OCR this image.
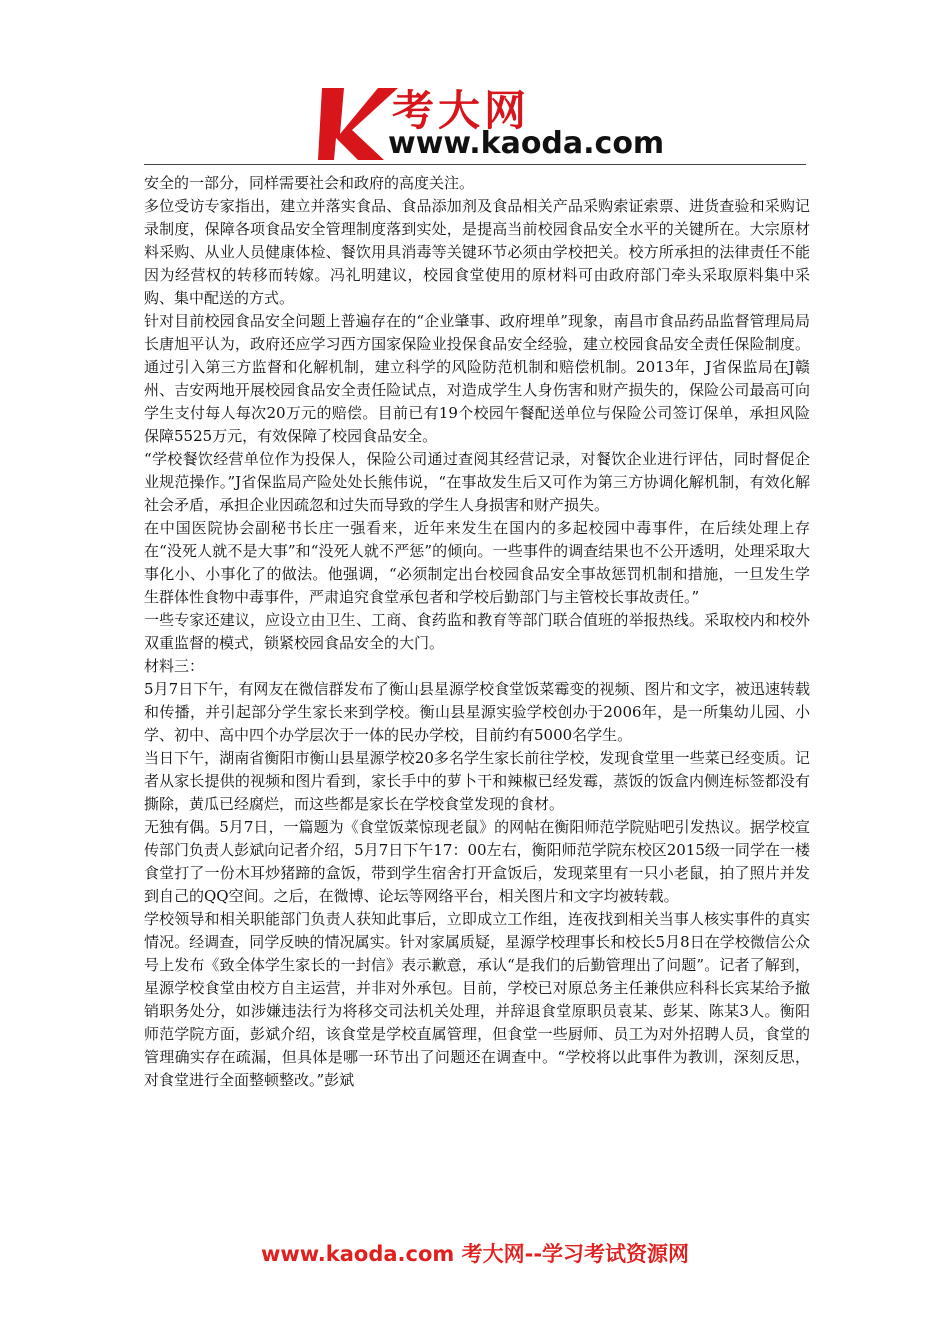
考大网
www.kaoda.com

安全的一部分，同样需要社会和政府的高度关注。

多位受访专家指出，建立并落实食品、食品添加剂及食品相关产品采购索证索票、进货查验和采购记录制度，保障各项食品安全管理制度落到实处，是提高当前校园食品安全水平的关键所在。大宗原材料采购、从业人员健康体检、餐饮用具消毒等关键环节必须由学校把关。校方所承担的法律责任不能因为经营权的转移而转嫁。冯礼明建议，校园食堂使用的原材料可由政府部门牵头采取原料集中采购、集中配送的方式。

针对目前校园食品安全问题上普遍存在的“企业肇事、政府埋单”现象，南昌市食品药品监督管理局局长唐旭平认为，政府还应学习西方国家保险业投保食品安全经验，建立校园食品安全责任保险制度。通过引入第三方监督和化解机制，建立科学的风险防范机制和赔偿机制。2013年，J省保监局在J赣州、吉安两地开展校园食品安全责任险试点，对造成学生人身伤害和财产损失的，保险公司最高可向学生支付每人每次20万元的赔偿。目前已有19个校园午餐配送单位与保险公司签订保单，承担风险保障5525万元，有效保障了校园食品安全。

“学校餐饮经营单位作为投保人，保险公司通过查阅其经营记录，对餐饮企业进行评估，同时督促企业规范操作。”J省保监局产险处处长熊伟说，“在事故发生后又可作为第三方协调化解机制，有效化解社会矛盾，承担企业因疏忽和过失而导致的学生人身损害和财产损失。

在中国医院协会副秘书长庄一强看来，近年来发生在国内的多起校园中毒事件，在后续处理上存在“没死人就不是大事”和“没死人就不严惩”的倾向。一些事件的调查结果也不公开透明，处理采取大事化小、小事化了的做法。他强调，“必须制定出台校园食品安全事故惩罚机制和措施，一旦发生学生群体性食物中毒事件，严肃追究食堂承包者和学校后勤部门与主管校长事故责任。”

一些专家还建议，应设立由卫生、工商、食药监和教育等部门联合值班的举报热线。采取校内和校外双重监督的模式，锁紧校园食品安全的大门。

材料三：

5月7日下午，有网友在微信群发布了衡山县星源学校食堂饭菜霉变的视频、图片和文字，被迅速转载和传播，并引起部分学生家长来到学校。衡山县星源实验学校创办于2006年，是一所集幼儿园、小学、初中、高中四个办学层次于一体的民办学校，目前约有5000名学生。

当日下午，湖南省衡阳市衡山县星源学校20多名学生家长前往学校，发现食堂里一些菜已经变质。记者从家长提供的视频和图片看到，家长手中的萝卜干和辣椒已经发霉，蒸饭的饭盒内侧连标签都没有撕除，黄瓜已经腐烂，而这些都是家长在学校食堂发现的食材。

无独有偶。5月7日，一篇题为《食堂饭菜惊现老鼠》的网帖在衡阳师范学院贴吧引发热议。据学校宣传部门负责人彭斌向记者介绍，5月7日下午17：00左右，衡阳师范学院东校区2015级一同学在一楼食堂打了一份木耳炒猪蹄的盒饭，带到学生宿舍打开盒饭后，发现菜里有一只小老鼠，拍了照片并发到自己的QQ空间。之后，在微博、论坛等网络平台，相关图片和文字均被转载。

学校领导和相关职能部门负责人获知此事后，立即成立工作组，连夜找到相关当事人核实事件的真实情况。经调查，同学反映的情况属实。针对家属质疑，星源学校理事长和校长5月8日在学校微信公众号上发布《致全体学生家长的一封信》表示歉意，承认“是我们的后勤管理出了问题”。记者了解到，星源学校食堂由校方自主运营，并非对外承包。目前，学校已对原总务主任兼供应科科长宾某给予撤销职务处分，如涉嫌违法行为将移交司法机关处理，并辞退食堂原职员袁某、彭某、陈某3人。衡阳师范学院方面，彭斌介绍，该食堂是学校直属管理，但食堂一些厨师、员工为对外招聘人员，食堂的管理确实存在疏漏，但具体是哪一环节出了问题还在调查中。“学校将以此事件为教训，深刻反思，对食堂进行全面整顿整改。”彭斌

www.kaoda.com 考大网--学习考试资源网
